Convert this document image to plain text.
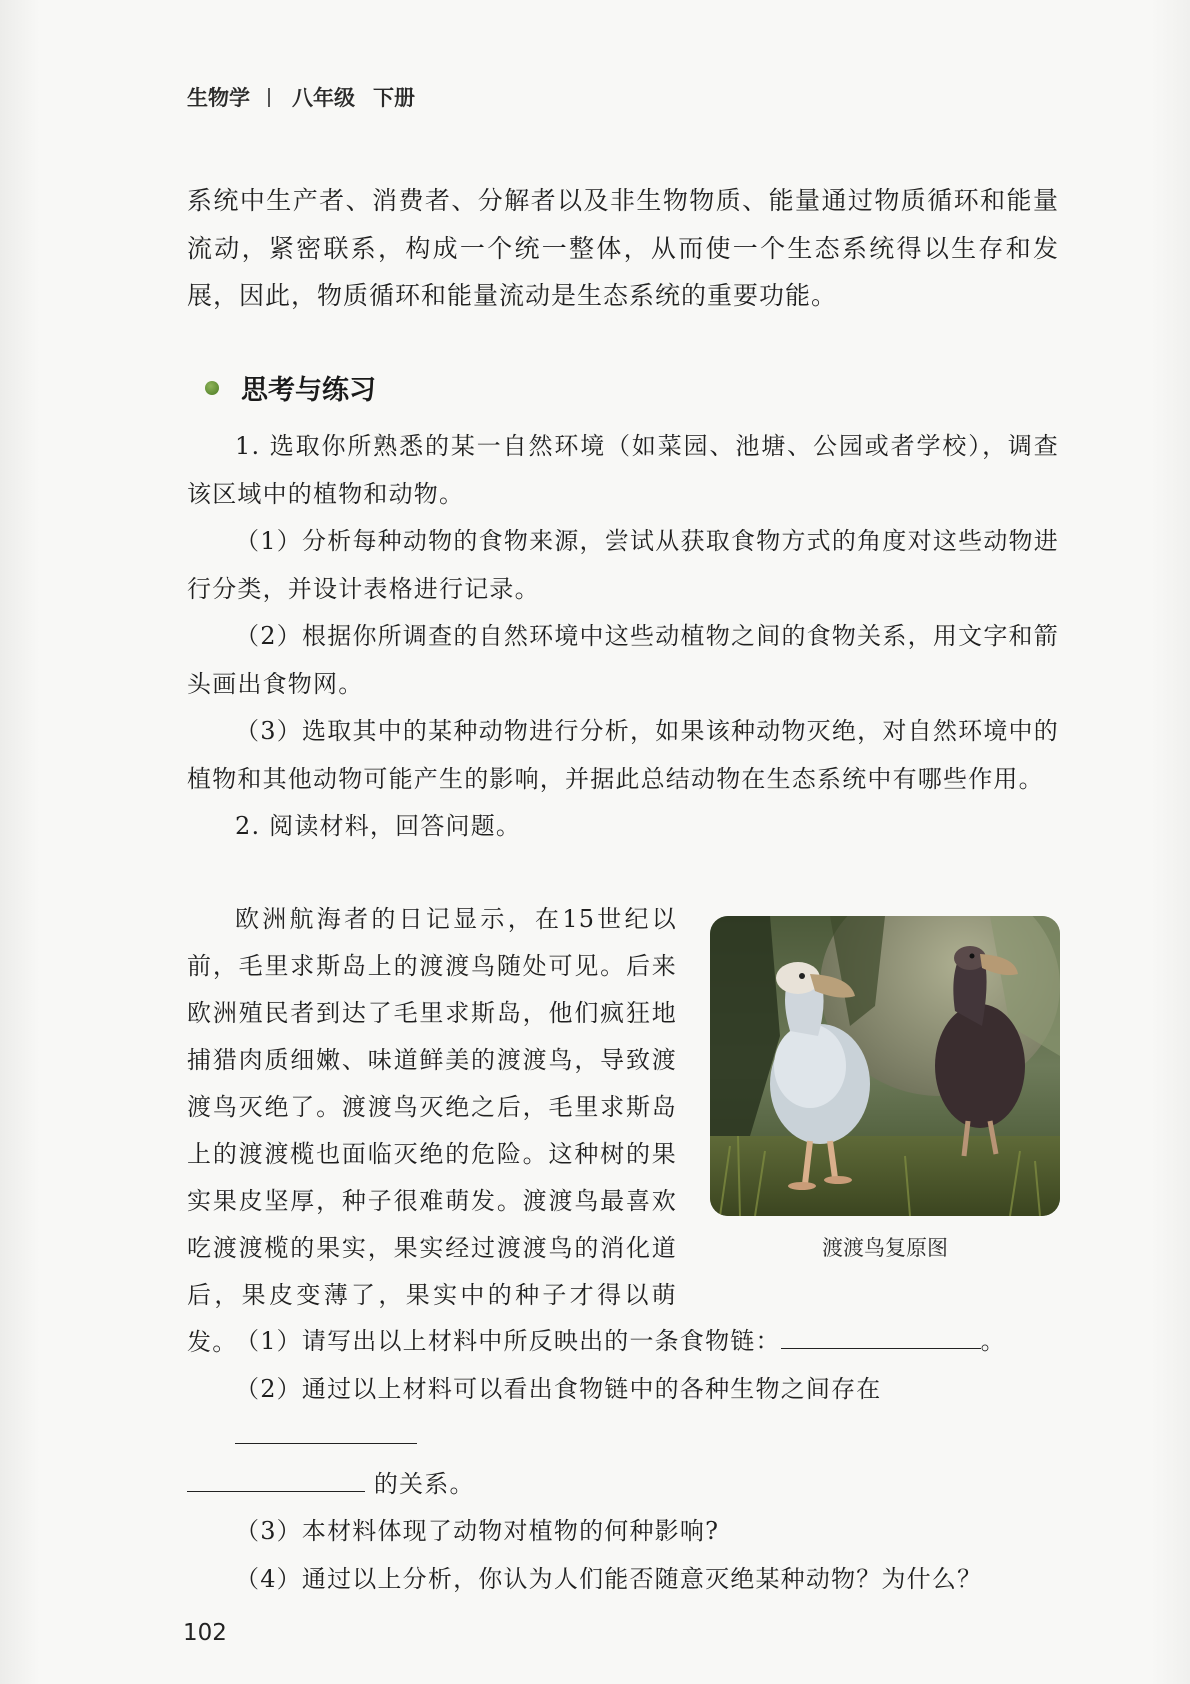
生物学 八年级 下册
系统中生产者、消费者、分解者以及非生物物质、能量通过物质循环和能量流动，紧密联系，构成一个统一整体，从而使一个生态系统得以生存和发展，因此，物质循环和能量流动是生态系统的重要功能。
思考与练习

1. 选取你所熟悉的某一自然环境（如菜园、池塘、公园或者学校），调查该区域中的植物和动物。

（1）分析每种动物的食物来源，尝试从获取食物方式的角度对这些动物进行分类，并设计表格进行记录。

（2）根据你所调查的自然环境中这些动植物之间的食物关系，用文字和箭头画出食物网。

（3）选取其中的某种动物进行分析，如果该种动物灭绝，对自然环境中的植物和其他动物可能产生的影响，并据此总结动物在生态系统中有哪些作用。

2. 阅读材料，回答问题。

欧洲航海者的日记显示，在15世纪以前，毛里求斯岛上的渡渡鸟随处可见。后来欧洲殖民者到达了毛里求斯岛，他们疯狂地捕猎肉质细嫩、味道鲜美的渡渡鸟，导致渡渡鸟灭绝了。渡渡鸟灭绝之后，毛里求斯岛上的渡渡榄也面临灭绝的危险。这种树的果实果皮坚厚，种子很难萌发。渡渡鸟最喜欢吃渡渡榄的果实，果实经过渡渡鸟的消化道后，果皮变薄了，果实中的种子才得以萌发。

渡渡鸟复原图

（1）请写出以上材料中所反映出的一条食物链：	。

（2）通过以上材料可以看出食物链中的各种生物之间存在

的关系。

（3）本材料体现了动物对植物的何种影响?

（4）通过以上分析，你认为人们能否随意灭绝某种动物？为什么？

102
